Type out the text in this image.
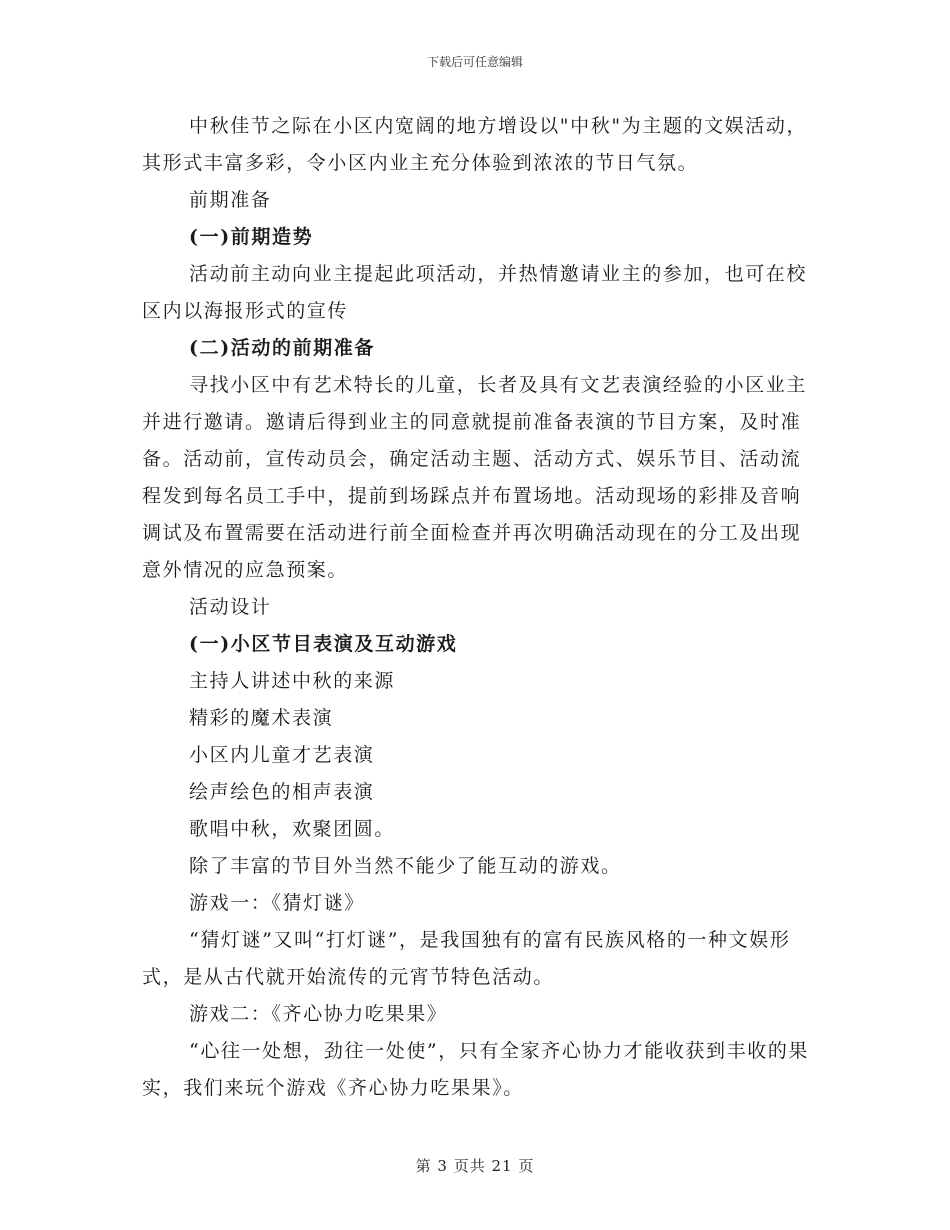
下载后可任意编辑

中秋佳节之际在小区内宽阔的地方增设以"中秋"为主题的文娱活动，其形式丰富多彩，令小区内业主充分体验到浓浓的节日气氛。

前期准备

(一)前期造势

活动前主动向业主提起此项活动，并热情邀请业主的参加，也可在校区内以海报形式的宣传

(二)活动的前期准备

寻找小区中有艺术特长的儿童，长者及具有文艺表演经验的小区业主并进行邀请。邀请后得到业主的同意就提前准备表演的节目方案，及时准备。活动前，宣传动员会，确定活动主题、活动方式、娱乐节目、活动流程发到每名员工手中，提前到场踩点并布置场地。活动现场的彩排及音响调试及布置需要在活动进行前全面检查并再次明确活动现在的分工及出现意外情况的应急预案。

活动设计

(一)小区节目表演及互动游戏

主持人讲述中秋的来源

精彩的魔术表演

小区内儿童才艺表演

绘声绘色的相声表演

歌唱中秋，欢聚团圆。

除了丰富的节目外当然不能少了能互动的游戏。

游戏一：《猜灯谜》

“猜灯谜”又叫“打灯谜”，是我国独有的富有民族风格的一种文娱形式，是从古代就开始流传的元宵节特色活动。

游戏二：《齐心协力吃果果》

“心往一处想，劲往一处使”，只有全家齐心协力才能收获到丰收的果实，我们来玩个游戏《齐心协力吃果果》。

第 3 页共 21 页
